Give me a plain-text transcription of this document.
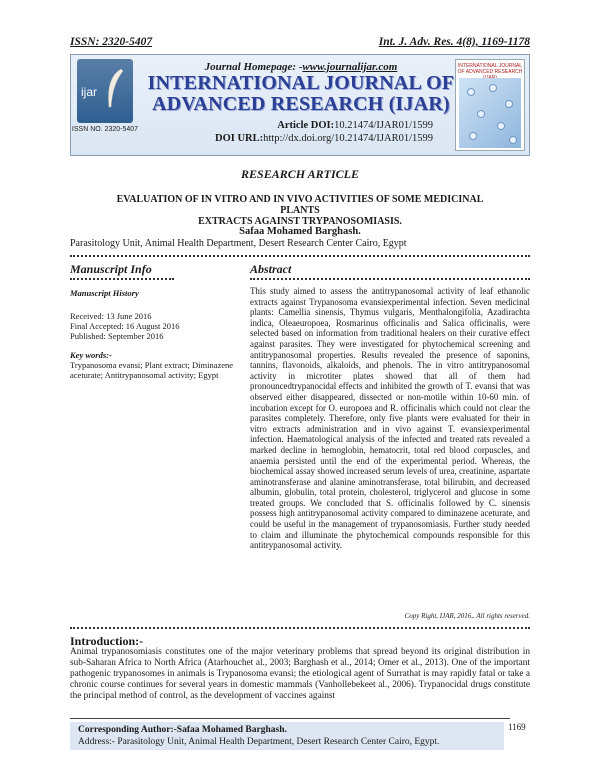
ISSN: 2320-5407	Int. J. Adv. Res. 4(8), 1169-1178
ijar
ISSN NO. 2320-5407
Journal Homepage: -www.journalijar.com
INTERNATIONAL JOURNAL OF
ADVANCED RESEARCH (IJAR)
Article DOI:10.21474/IJAR01/1599
DOI URL:http://dx.doi.org/10.21474/IJAR01/1599
INTERNATIONAL JOURNAL OF ADVANCED RESEARCH
RESEARCH ARTICLE
EVALUATION OF IN VITRO AND IN VIVO ACTIVITIES OF SOME MEDICINAL PLANTS
EXTRACTS AGAINST TRYPANOSOMIASIS.
Safaa Mohamed Barghash.
Parasitology Unit, Animal Health Department, Desert Research Center Cairo, Egypt
Manuscript Info	Abstract
Manuscript History
Received: 13 June 2016
Final Accepted: 16 August 2016
Published: September 2016
Key words:-
Trypanosoma evansi; Plant extract; Diminazene aceturate; Antitrypanosomal activity; Egypt
This study aimed to assess the antitrypanosomal activity of leaf ethanolic extracts against Trypanosoma evansiexperimental infection. Seven medicinal plants: Camellia sinensis, Thymus vulgaris, Menthalongifolia, Azadirachta indica, Oleaeuropoea, Rosmarinus officinalis and Salica officinalis, were selected based on information from traditional healers on their curative effect against parasites. They were investigated for phytochemical screening and antitrypanosomal properties. Results revealed the presence of saponins, tannins, flavonoids, alkaloids, and phenols. The in vitro antitrypanosomal activity in microtiter plates showed that all of them had pronouncedtrypanocidal effects and inhibited the growth of T. evansi that was observed either disappeared, dissected or non-motile within 10-60 min. of incubation except for O. europoea and R. officinalis which could not clear the parasites completely. Therefore, only five plants were evaluated for their in vitro extracts administration and in vivo against T. evansiexperimental infection. Haematological analysis of the infected and treated rats revealed a marked decline in hemoglobin, hematocrit, total red blood corpuscles, and anaemia persisted until the end of the experimental period. Whereas, the biochemical assay showed increased serum levels of urea, creatinine, aspartate aminotransferase and alanine aminotransferase, total bilirubin, and decreased albumin, globulin, total protein, cholesterol, triglycerol and glucose in some treated groups. We concluded that S. officinalis followed by C. sinensis possess high antitrypanosomal activity compared to diminazene aceturate, and could be useful in the management of trypanosomiasis. Further study needed to claim and illuminate the phytochemical compounds responsible for this antitrypanosomal activity.
Copy Right, IJAR, 2016,. All rights reserved.
Introduction:-
Animal trypanosomiasis constitutes one of the major veterinary problems that spread beyond its original distribution in sub-Saharan Africa to North Africa (Atarhouchet al., 2003; Barghash et al., 2014; Omer et al., 2013). One of the important pathogenic trypanosomes in animals is Trypanosoma evansi; the etiological agent of Surrathat is may rapidly fatal or take a chronic course continues for several years in domestic mammals (Vanhollebekeet al., 2006). Trypanocidal drugs constitute the principal method of control, as the development of vaccines against
1169
Corresponding Author:-Safaa Mohamed Barghash.
Address:- Parasitology Unit, Animal Health Department, Desert Research Center Cairo, Egypt.
